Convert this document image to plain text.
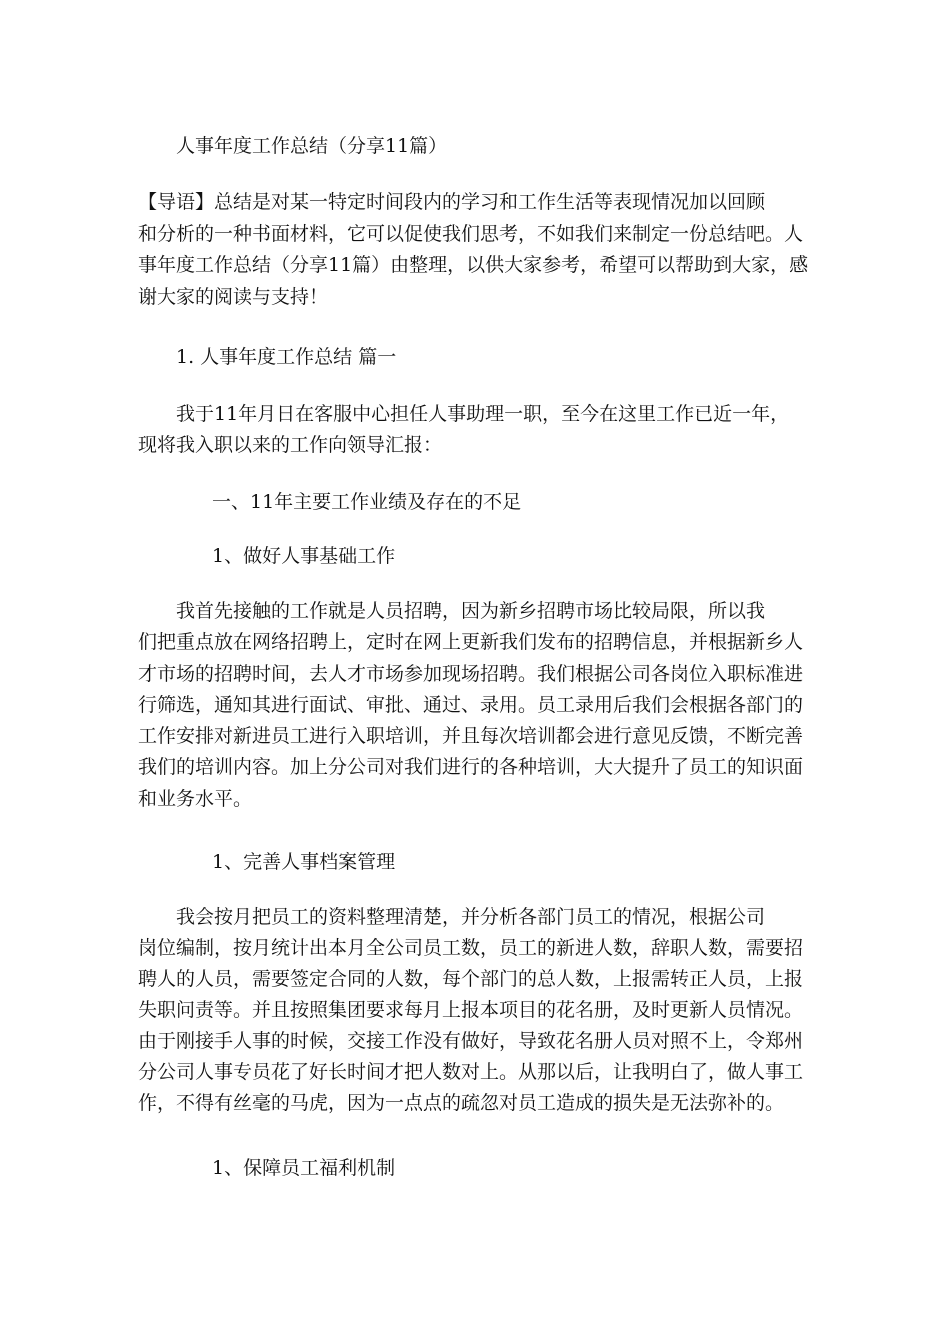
人事年度工作总结（分享11篇）
【导语】总结是对某一特定时间段内的学习和工作生活等表现情况加以回顾
和分析的一种书面材料，它可以促使我们思考，不如我们来制定一份总结吧。人
事年度工作总结（分享11篇）由整理，以供大家参考，希望可以帮助到大家，感
谢大家的阅读与支持！
1. 人事年度工作总结 篇一
　　我于11年月日在客服中心担任人事助理一职，至今在这里工作已近一年，
现将我入职以来的工作向领导汇报：
一、11年主要工作业绩及存在的不足
1、做好人事基础工作
　　我首先接触的工作就是人员招聘，因为新乡招聘市场比较局限，所以我
们把重点放在网络招聘上，定时在网上更新我们发布的招聘信息，并根据新乡人
才市场的招聘时间，去人才市场参加现场招聘。我们根据公司各岗位入职标准进
行筛选，通知其进行面试、审批、通过、录用。员工录用后我们会根据各部门的
工作安排对新进员工进行入职培训，并且每次培训都会进行意见反馈，不断完善
我们的培训内容。加上分公司对我们进行的各种培训，大大提升了员工的知识面
和业务水平。
1、完善人事档案管理
　　我会按月把员工的资料整理清楚，并分析各部门员工的情况，根据公司
岗位编制，按月统计出本月全公司员工数，员工的新进人数，辞职人数，需要招
聘人的人员，需要签定合同的人数，每个部门的总人数，上报需转正人员，上报
失职问责等。并且按照集团要求每月上报本项目的花名册，及时更新人员情况。
由于刚接手人事的时候，交接工作没有做好，导致花名册人员对照不上，令郑州
分公司人事专员花了好长时间才把人数对上。从那以后，让我明白了，做人事工
作，不得有丝毫的马虎，因为一点点的疏忽对员工造成的损失是无法弥补的。
1、保障员工福利机制
